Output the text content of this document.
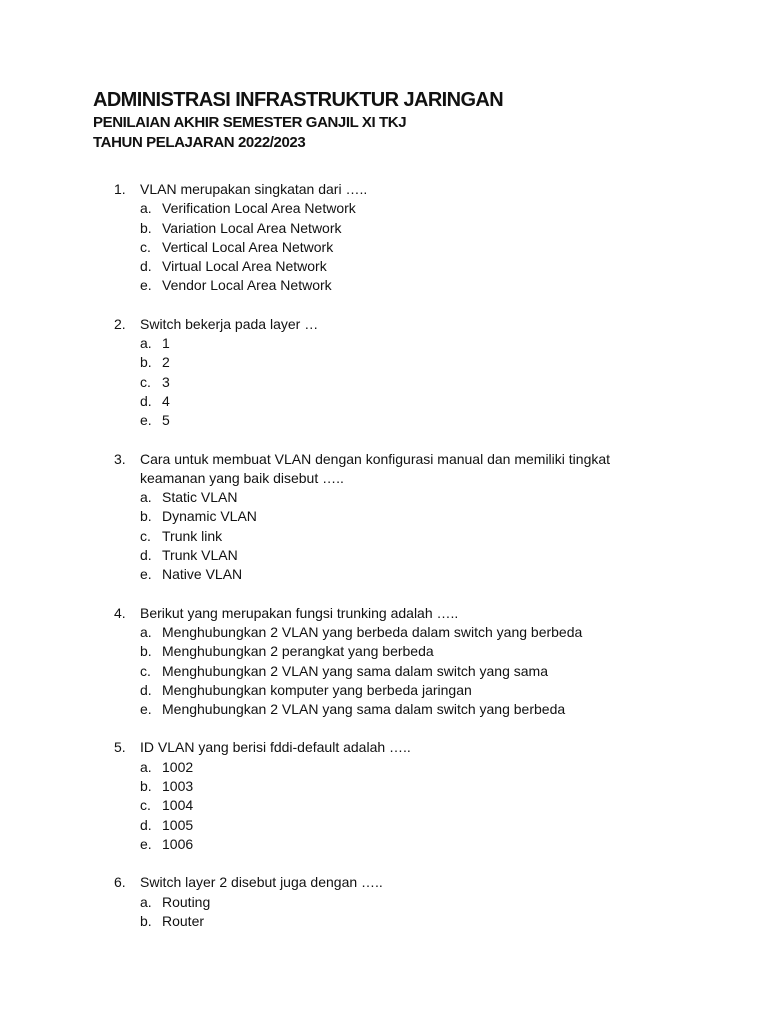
ADMINISTRASI INFRASTRUKTUR JARINGAN
PENILAIAN AKHIR SEMESTER GANJIL XI TKJ
TAHUN PELAJARAN 2022/2023
1.	VLAN merupakan singkatan dari …..
a. Verification Local Area Network
b. Variation Local Area Network
c. Vertical Local Area Network
d. Virtual Local Area Network
e. Vendor Local Area Network
2.	Switch bekerja pada layer …
a. 1
b. 2
c. 3
d. 4
e. 5
3.	Cara untuk membuat VLAN dengan konfigurasi manual dan memiliki tingkat keamanan yang baik disebut …..
a. Static VLAN
b. Dynamic VLAN
c. Trunk link
d. Trunk VLAN
e. Native VLAN
4.	Berikut yang merupakan fungsi trunking adalah …..
a. Menghubungkan 2 VLAN yang berbeda dalam switch yang berbeda
b. Menghubungkan 2 perangkat yang berbeda
c. Menghubungkan 2 VLAN yang sama dalam switch yang sama
d. Menghubungkan komputer yang berbeda jaringan
e. Menghubungkan 2 VLAN yang sama dalam switch yang berbeda
5.	ID VLAN yang berisi fddi-default adalah …..
a. 1002
b. 1003
c. 1004
d. 1005
e. 1006
6.	Switch layer 2 disebut juga dengan …..
a. Routing
b. Router
